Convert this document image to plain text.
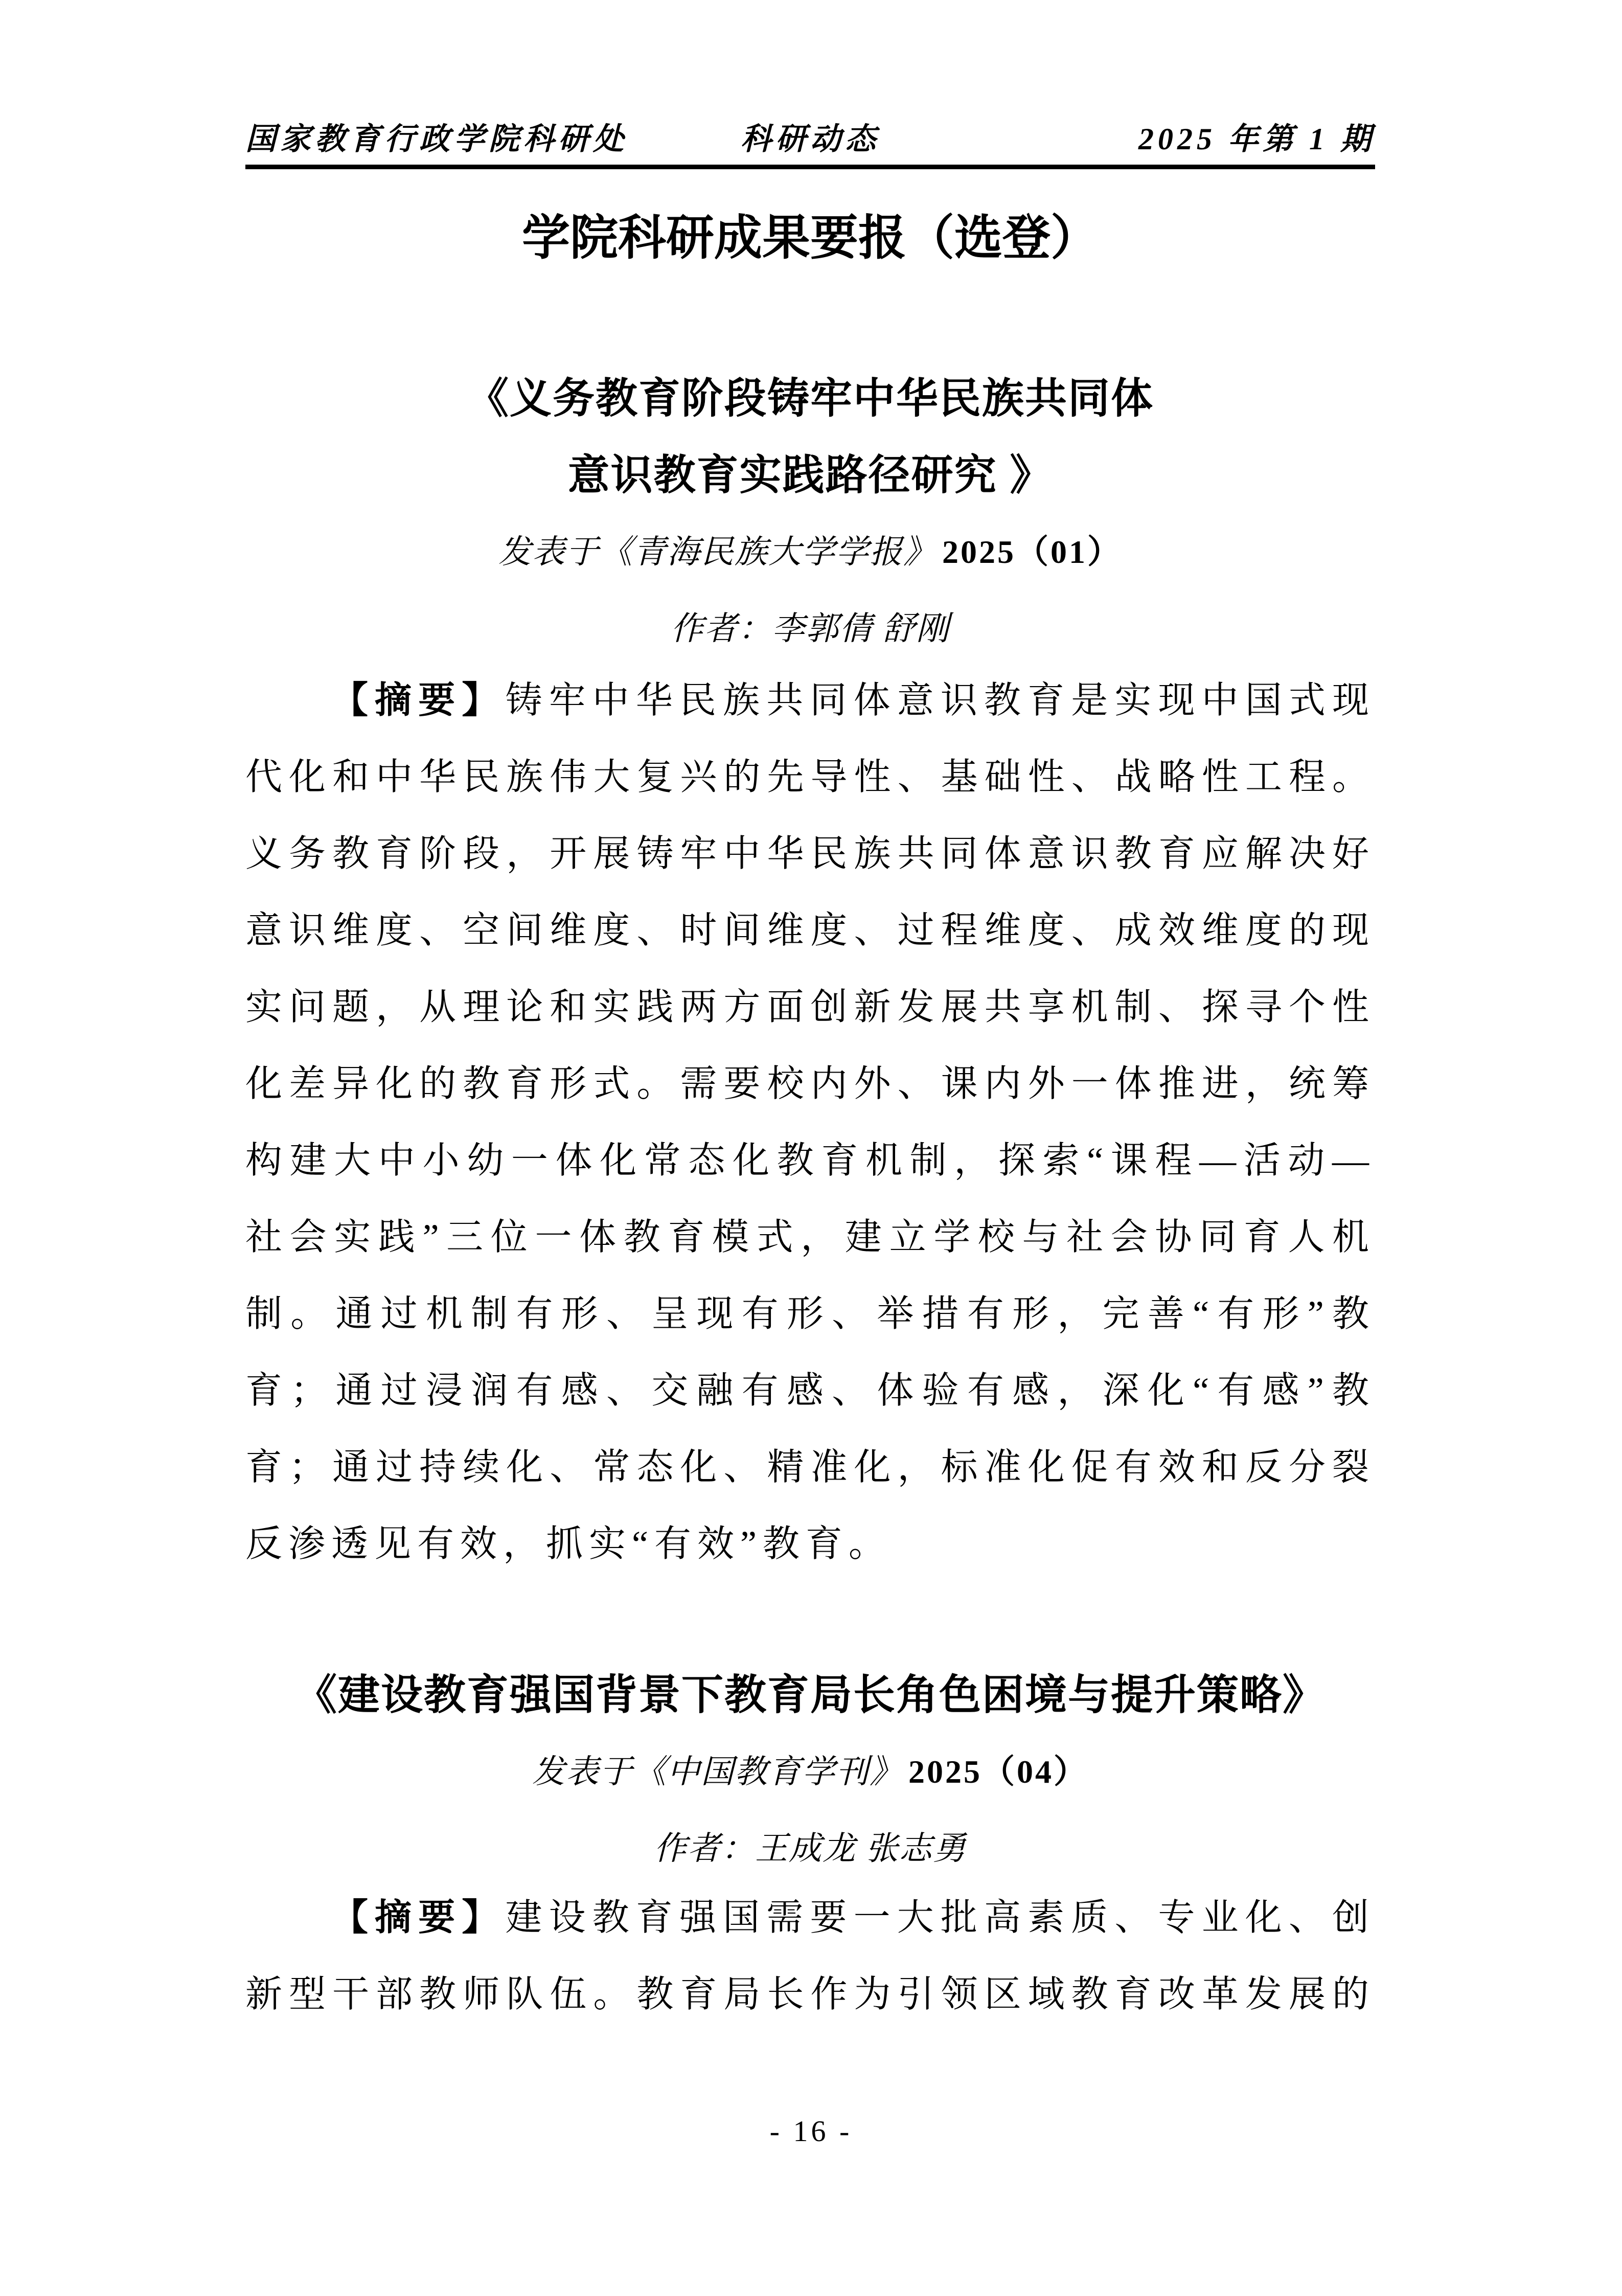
国家教育行政学院科研处	科研动态	2025 年第 1 期
学院科研成果要报（选登）
《义务教育阶段铸牢中华民族共同体
意识教育实践路径研究 》
发表于《青海民族大学学报》 2025（01）
作者：李郭倩 舒刚
【摘要】铸牢中华民族共同体意识教育是实现中国式现
代化和中华民族伟大复兴的先导性、基础性、战略性工程。
义务教育阶段，开展铸牢中华民族共同体意识教育应解决好
意识维度、空间维度、时间维度、过程维度、成效维度的现
实问题，从理论和实践两方面创新发展共享机制、探寻个性
化差异化的教育形式。需要校内外、课内外一体推进，统筹
构建大中小幼一体化常态化教育机制，探索“课程—活动—
社会实践”三位一体教育模式，建立学校与社会协同育人机
制。通过机制有形、呈现有形、举措有形，完善“有形”教
育；通过浸润有感、交融有感、体验有感，深化“有感”教
育；通过持续化、常态化、精准化，标准化促有效和反分裂
反渗透见有效，抓实“有效”教育。
《建设教育强国背景下教育局长角色困境与提升策略》
发表于《中国教育学刊》 2025（04）
作者：王成龙 张志勇
【摘要】建设教育强国需要一大批高素质、专业化、创
新型干部教师队伍。教育局长作为引领区域教育改革发展的
- 16 -
